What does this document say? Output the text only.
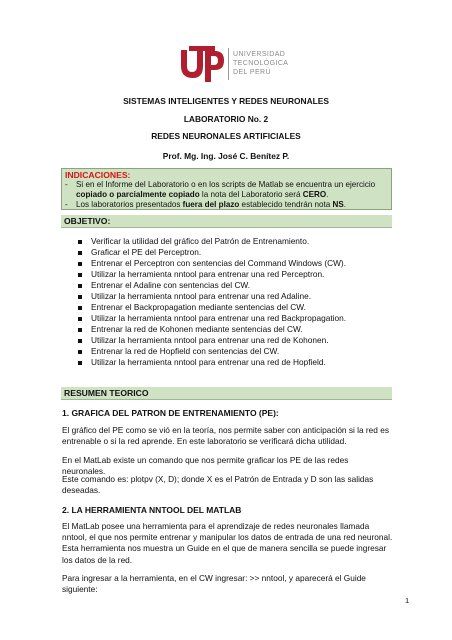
UNIVERSIDAD
TECNOLÓGICA
DEL PERÚ
SISTEMAS INTELIGENTES Y REDES NEURONALES
LABORATORIO No. 2
REDES NEURONALES ARTIFICIALES
Prof. Mg. Ing. José C. Benítez P.
INDICACIONES:
- Si en el Informe del Laboratorio o en los scripts de Matlab se encuentra un ejercicio
copiado o parcialmente copiado la nota del Laboratorio será CERO.
- Los laboratorios presentados fuera del plazo establecido tendrán nota NS.
OBJETIVO:
Verificar la utilidad del gráfico del Patrón de Entrenamiento.
Graficar el PE del Perceptron.
Entrenar el Perceptron con sentencias del Command Windows (CW).
Utilizar la herramienta nntool para entrenar una red Perceptron.
Entrenar el Adaline con sentencias del CW.
Utilizar la herramienta nntool para entrenar una red Adaline.
Entrenar el Backpropagation mediante sentencias del CW.
Utilizar la herramienta nntool para entrenar una red Backpropagation.
Entrenar la red de Kohonen mediante sentencias del CW.
Utilizar la herramienta nntool para entrenar una red de Kohonen.
Entrenar la red de Hopfield con sentencias del CW.
Utilizar la herramienta nntool para entrenar una red de Hopfield.
RESUMEN TEORICO
1. GRAFICA DEL PATRON DE ENTRENAMIENTO (PE):
El gráfico del PE como se vió en la teoría, nos permite saber con anticipación si la red es entrenable o si la red aprende. En este laboratorio se verificará dicha utilidad.
En el MatLab existe un comando que nos permite graficar los PE de las redes neuronales.
Este comando es: plotpv (X, D); donde X es el Patrón de Entrada y D son las salidas deseadas.
2. LA HERRAMIENTA NNTOOL DEL MATLAB
El MatLab posee una herramienta para el aprendizaje de redes neuronales llamada nntool, el que nos permite entrenar y manipular los datos de entrada de una red neuronal. Esta herramienta nos muestra un Guide en el que de manera sencilla se puede ingresar los datos de la red.
Para ingresar a la herramienta, en el CW ingresar: >> nntool, y aparecerá el Guide siguiente:
1
